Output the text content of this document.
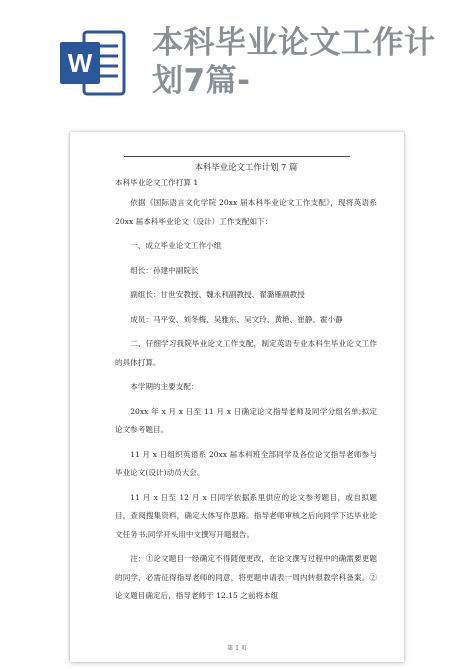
W
本科毕业论文工作计划7篇-
本科毕业论文工作计划 7 篇
本科毕业论文工作打算 1
依据《国际语言文化学院 20xx 届本科毕业论文工作支配》，现将英语系 20xx 届本科毕业论文（设计）工作支配如下：
一、成立毕业论文工作小组
组长：孙建中副院长
副组长：甘世安教授、魏永利副教授、翟潞雁副教授
成员：马平安、刘冬梅、吴雅东、吴文玲、黄艳、崔静、霍小静
二、仔细学习我院毕业论文工作支配，制定英语专业本科生毕业论文工作的具体打算。
本学期的主要支配：
20xx 年 x 月 x 日至 11 月 x 日确定论文指导老师及同学分组名单;拟定论文参考题目。
11 月 x 日组织英语系 20xx 届本科班全部同学及各位论文指导老师参与毕业论文(设计)动员大会。
11 月 x 日至 12 月 x 日同学依据系里供应的论文参考题目，或自拟题目，查阅搜集资料，确定大体写作思路。指导老师审核之后向同学下达毕业论文任务书;同学开头用中文撰写开题报告。
注：①论文题目一经确定不得随便更改，在论文撰写过程中的确需要更题的同学，必需征得指导老师的同意，将更题申请表一周内转报教学科备案。②论文题目确定后，指导老师于 12.15 之前将本组
第 1 页
